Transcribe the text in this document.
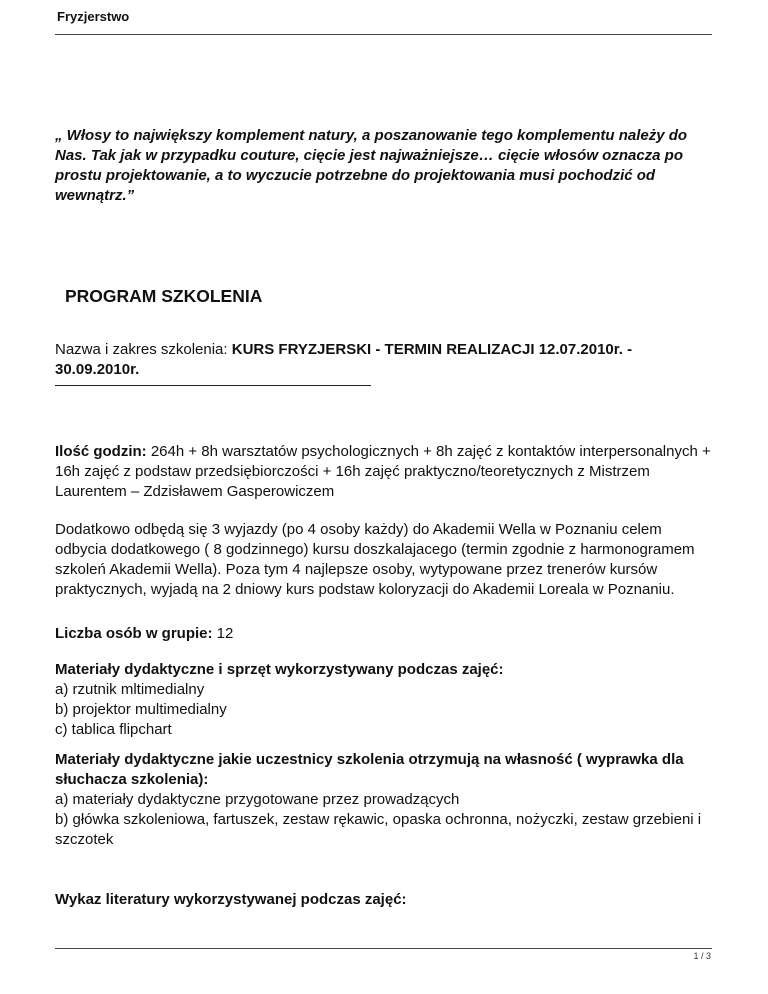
Fryzjerstwo
„ Włosy to największy komplement natury, a poszanowanie tego komplementu należy do Nas. Tak jak w przypadku couture, cięcie jest najważniejsze… cięcie włosów oznacza po prostu projektowanie, a to wyczucie potrzebne do projektowania musi pochodzić od wewnątrz.”
PROGRAM SZKOLENIA
Nazwa i zakres szkolenia: KURS FRYZJERSKI - TERMIN REALIZACJI 12.07.2010r. - 30.09.2010r.
Ilość godzin: 264h + 8h warsztatów psychologicznych + 8h zajęć z kontaktów interpersonalnych + 16h zajęć z podstaw przedsiębiorczości + 16h zajęć praktyczno/teoretycznych z Mistrzem Laurentem – Zdzisławem Gasperowiczem
Dodatkowo odbędą się 3 wyjazdy (po 4 osoby każdy) do Akademii Wella w Poznaniu celem odbycia dodatkowego ( 8 godzinnego) kursu doszkalajacego (termin zgodnie z harmonogramem szkoleń Akademii Wella). Poza tym 4 najlepsze osoby, wytypowane przez trenerów kursów praktycznych, wyjadą na 2 dniowy kurs podstaw koloryzacji do Akademii Loreala w Poznaniu.
Liczba osób w grupie: 12

Materiały dydaktyczne i sprzęt wykorzystywany podczas zajęć:

a) rzutnik mltimedialny

b) projektor multimedialny

c) tablica flipchart

Materiały dydaktyczne jakie uczestnicy szkolenia otrzymują na własność ( wyprawka dla słuchacza szkolenia):

a) materiały dydaktyczne przygotowane przez prowadzących

b) główka szkoleniowa, fartuszek, zestaw rękawic, opaska ochronna, nożyczki, zestaw grzebieni i szczotek

Wykaz literatury wykorzystywanej podczas zajęć:
1 / 3
